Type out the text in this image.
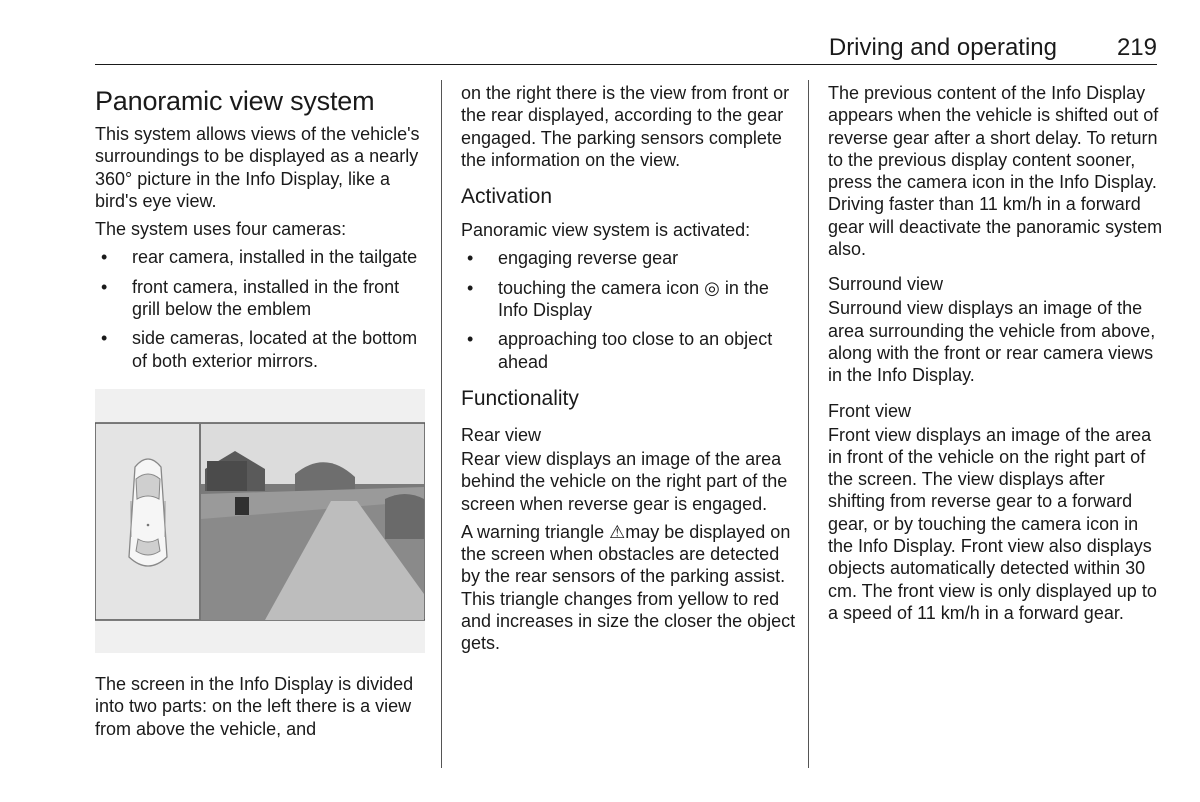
Driving and operating 219
Panoramic view system

This system allows views of the vehicle's surroundings to be displayed as a nearly 360° picture in the Info Display, like a bird's eye view.

The system uses four cameras:

• rear camera, installed in the tailgate
• front camera, installed in the front grill below the emblem
• side cameras, located at the bottom of both exterior mirrors.

The screen in the Info Display is divided into two parts: on the left there is a view from above the vehicle, and

on the right there is the view from front or the rear displayed, according to the gear engaged. The parking sensors complete the information on the view.

Activation

Panoramic view system is activated:

• engaging reverse gear
• touching the camera icon ◎ in the Info Display
• approaching too close to an object ahead
Functionality
Rear view

Rear view displays an image of the area behind the vehicle on the right part of the screen when reverse gear is engaged.

A warning triangle ⚠may be displayed on the screen when obstacles are detected by the rear sensors of the parking assist. This triangle changes from yellow to red and increases in size the closer the object gets.

The previous content of the Info Display appears when the vehicle is shifted out of reverse gear after a short delay. To return to the previous display content sooner, press the camera icon in the Info Display. Driving faster than 11 km/h in a forward gear will deactivate the panoramic system also.

Surround view

Surround view displays an image of the area surrounding the vehicle from above, along with the front or rear camera views in the Info Display.

Front view

Front view displays an image of the area in front of the vehicle on the right part of the screen. The view displays after shifting from reverse gear to a forward gear, or by touching the camera icon in the Info Display. Front view also displays objects automatically detected within 30 cm. The front view is only displayed up to a speed of 11 km/h in a forward gear.
